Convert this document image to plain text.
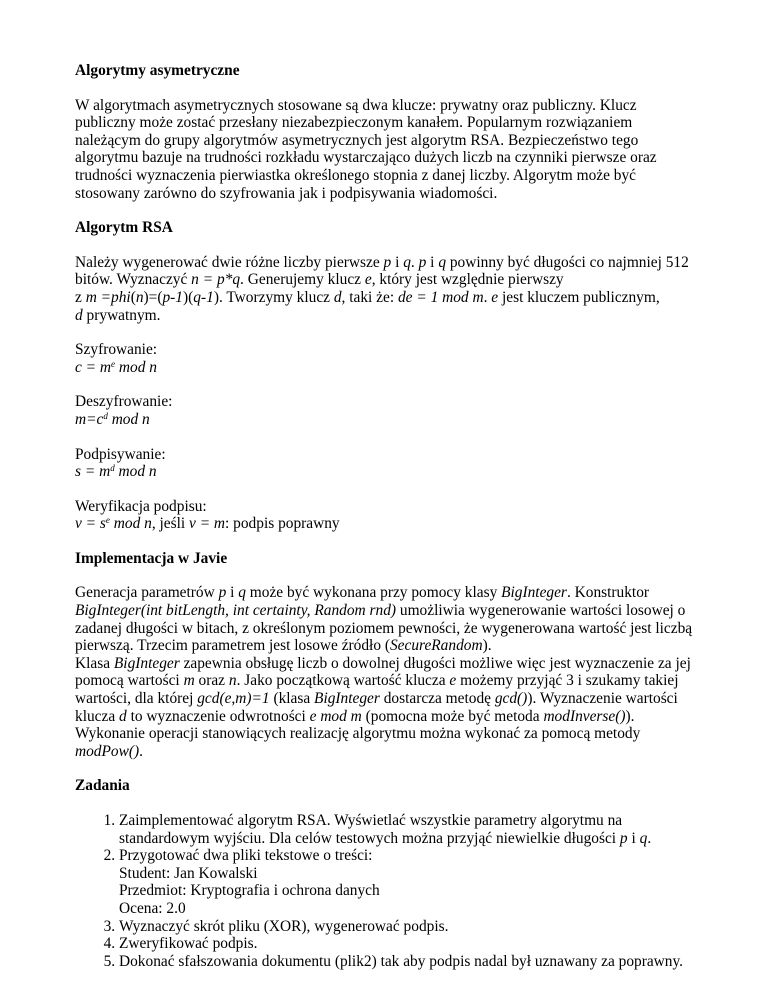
Algorytmy asymetryczne

W algorytmach asymetrycznych stosowane są dwa klucze: prywatny oraz publiczny. Klucz
publiczny może zostać przesłany niezabezpieczonym kanałem. Popularnym rozwiązaniem
należącym do grupy algorytmów asymetrycznych jest algorytm RSA. Bezpieczeństwo tego
algorytmu bazuje na trudności rozkładu wystarczająco dużych liczb na czynniki pierwsze oraz
trudności wyznaczenia pierwiastka określonego stopnia z danej liczby. Algorytm może być
stosowany zarówno do szyfrowania jak i podpisywania wiadomości.

Algorytm RSA

Należy wygenerować dwie różne liczby pierwsze p i q. p i q powinny być długości co najmniej 512
bitów. Wyznaczyć n = p*q. Generujemy klucz e, który jest względnie pierwszy
z m =phi(n)=(p-1)(q-1). Tworzymy klucz d, taki że: de = 1 mod m. e jest kluczem publicznym,
d prywatnym.

Szyfrowanie:
$c = m^e$ mod n

Deszyfrowanie:
$m=c^d$ mod n

Podpisywanie:
$s = m^d$ mod n

Weryfikacja podpisu:
$v = s^e$ mod n, jeśli v = m: podpis poprawny

Implementacja w Javie

Generacja parametrów p i q może być wykonana przy pomocy klasy BigInteger. Konstruktor
BigInteger(int bitLength, int certainty, Random rnd) umożliwia wygenerowanie wartości losowej o
zadanej długości w bitach, z określonym poziomem pewności, że wygenerowana wartość jest liczbą
pierwszą. Trzecim parametrem jest losowe źródło (SecureRandom).
Klasa BigInteger zapewnia obsługę liczb o dowolnej długości możliwe więc jest wyznaczenie za jej
pomocą wartości m oraz n. Jako początkową wartość klucza e możemy przyjąć 3 i szukamy takiej
wartości, dla której gcd(e,m)=1 (klasa BigInteger dostarcza metodę gcd()). Wyznaczenie wartości
klucza d to wyznaczenie odwrotności e mod m (pomocna może być metoda modInverse()).
Wykonanie operacji stanowiących realizację algorytmu można wykonać za pomocą metody
modPow().

Zadania
1. Zaimplementować algorytm RSA. Wyświetlać wszystkie parametry algorytmu na
standardowym wyjściu. Dla celów testowych można przyjąć niewielkie długości p i q.
2. Przygotować dwa pliki tekstowe o treści:
Student: Jan Kowalski
Przedmiot: Kryptografia i ochrona danych
Ocena: 2.0
3. Wyznaczyć skrót pliku (XOR), wygenerować podpis.
4. Zweryfikować podpis.
5. Dokonać sfałszowania dokumentu (plik2) tak aby podpis nadal był uznawany za poprawny.
